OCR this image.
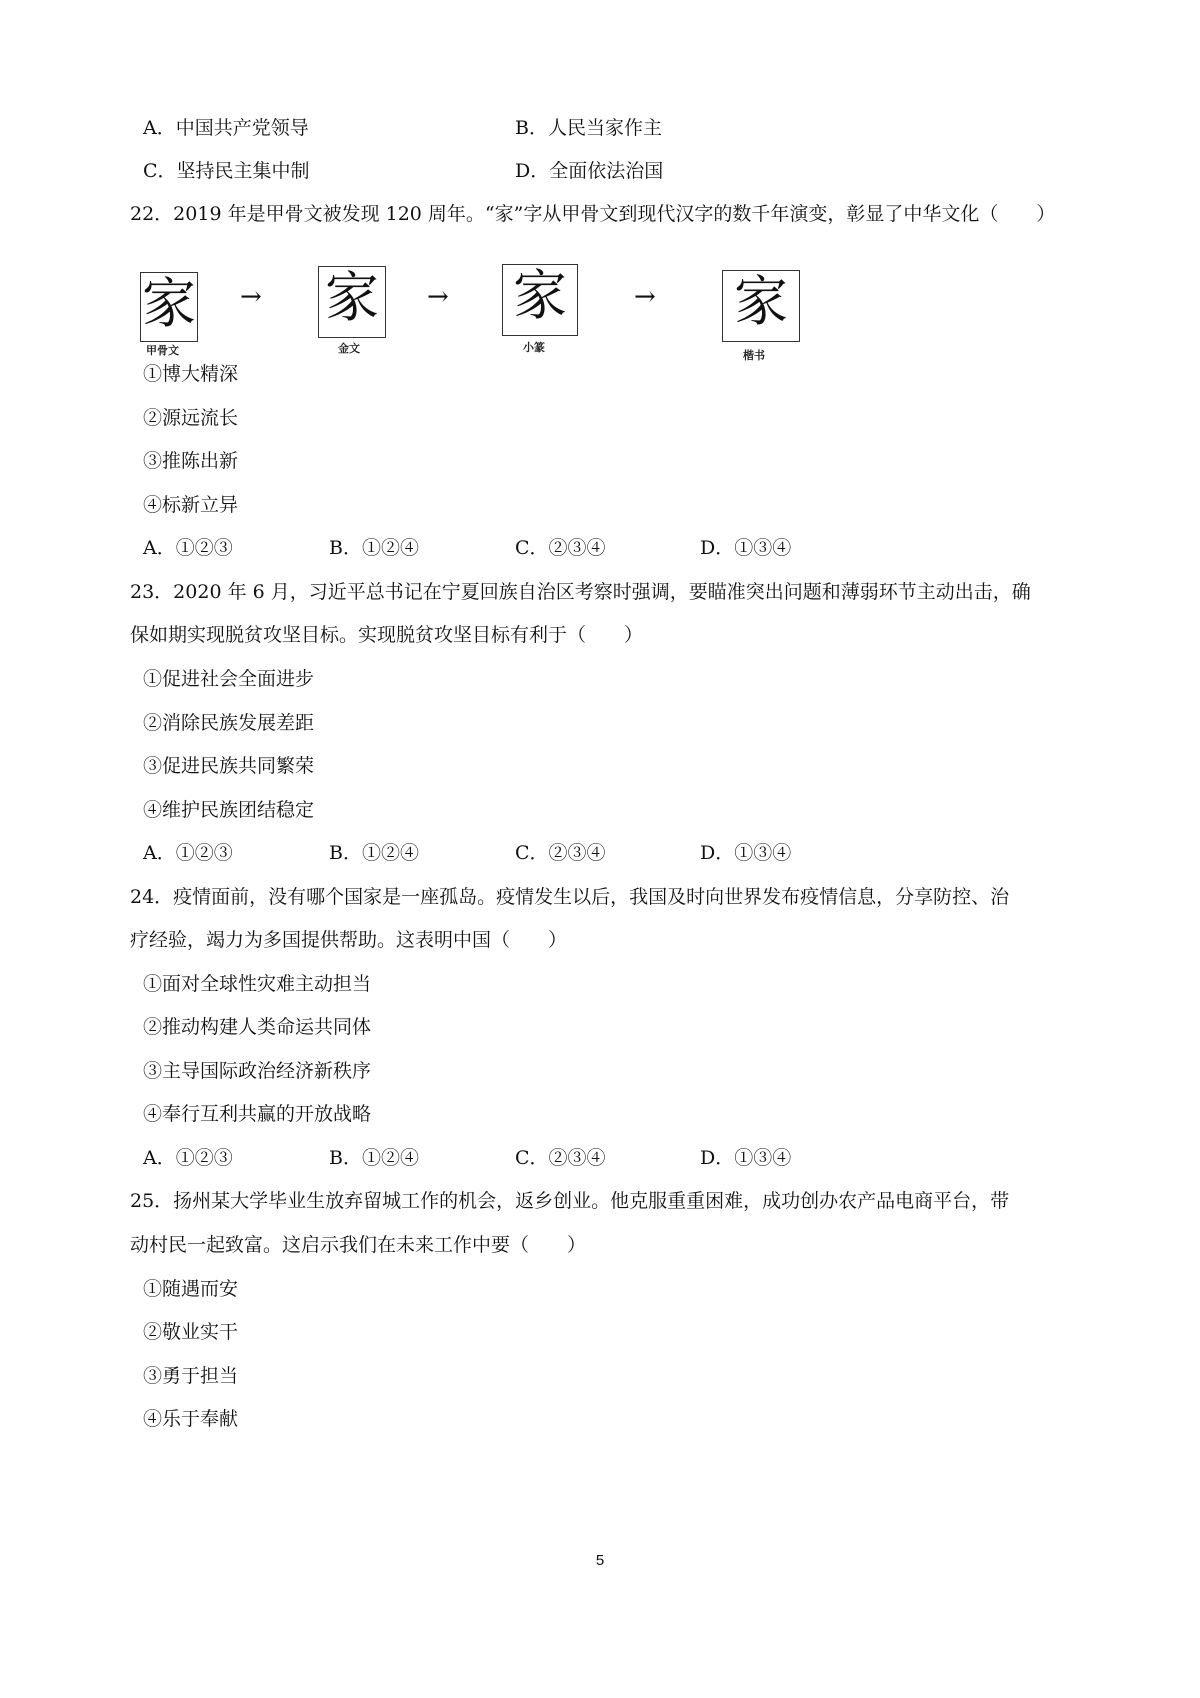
A．中国共产党领导	B．人民当家作主
C．坚持民主集中制	D．全面依法治国
22．2019 年是甲骨文被发现 120 周年。“家”字从甲骨文到现代汉字的数千年演变，彰显了中华文化（　　）
家
甲骨文
→ 家
金文
→ 家
小篆
→ 家
楷书
①博大精深
②源远流长
③推陈出新
④标新立异
A．①②③	B．①②④	C．②③④	D．①③④
23．2020 年 6 月，习近平总书记在宁夏回族自治区考察时强调，要瞄准突出问题和薄弱环节主动出击，确
保如期实现脱贫攻坚目标。实现脱贫攻坚目标有利于（　　）
①促进社会全面进步
②消除民族发展差距
③促进民族共同繁荣
④维护民族团结稳定
A．①②③	B．①②④	C．②③④	D．①③④
24．疫情面前，没有哪个国家是一座孤岛。疫情发生以后，我国及时向世界发布疫情信息，分享防控、治
疗经验，竭力为多国提供帮助。这表明中国（　　）
①面对全球性灾难主动担当
②推动构建人类命运共同体
③主导国际政治经济新秩序
④奉行互利共赢的开放战略
A．①②③	B．①②④	C．②③④	D．①③④
25．扬州某大学毕业生放弃留城工作的机会，返乡创业。他克服重重困难，成功创办农产品电商平台，带
动村民一起致富。这启示我们在未来工作中要（　　）
①随遇而安
②敬业实干
③勇于担当
④乐于奉献
5
